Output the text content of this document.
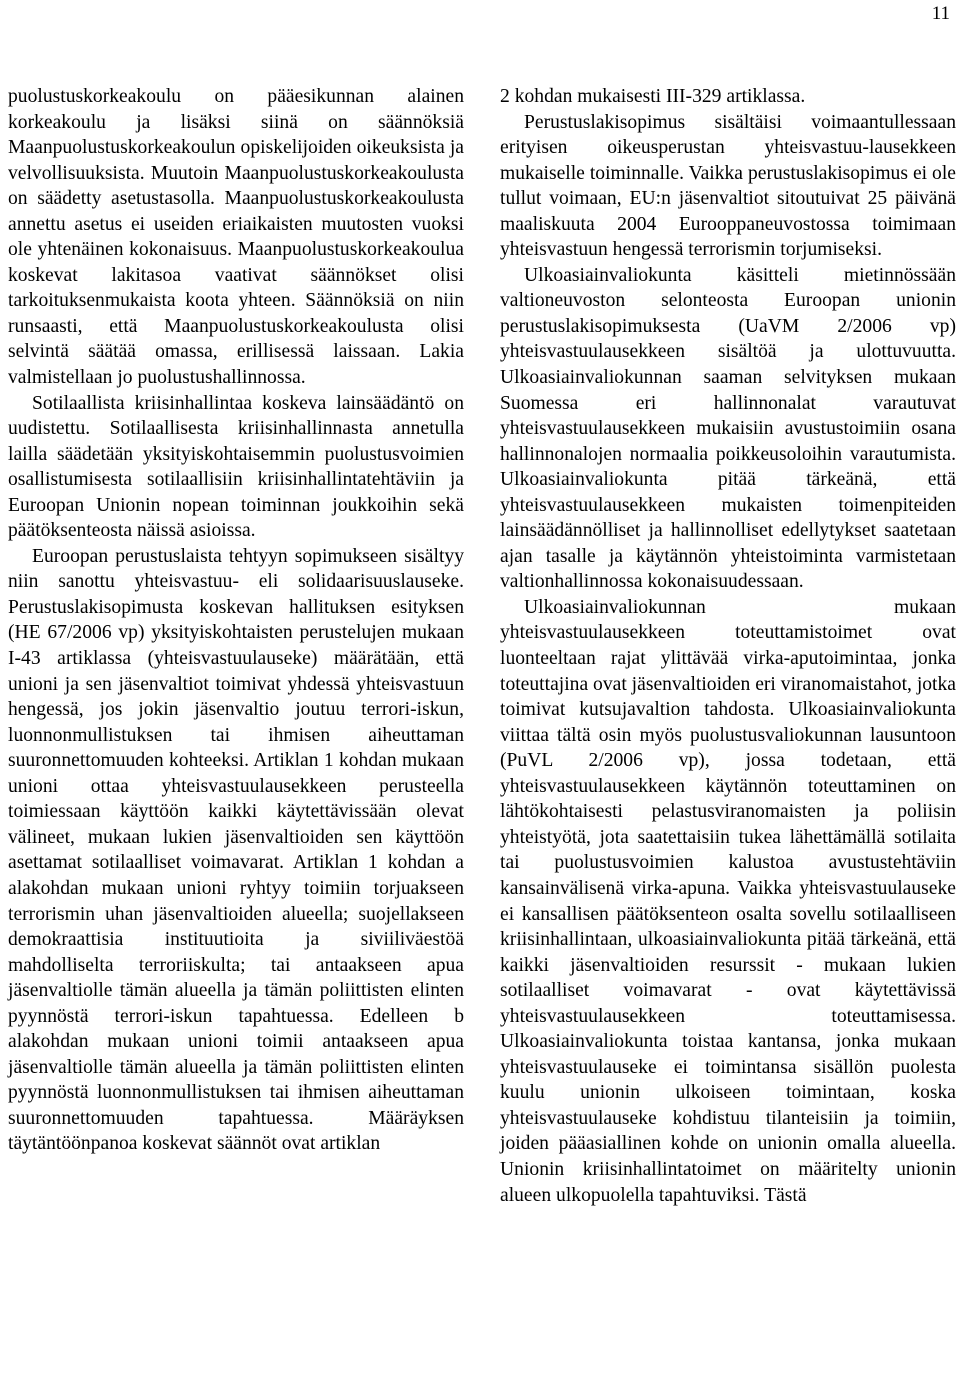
11

puolustuskorkeakoulu on pääesikunnan alainen korkeakoulu ja lisäksi siinä on säännöksiä Maanpuolustuskorkeakoulun opiskelijoiden oikeuksista ja velvollisuuksista. Muutoin Maanpuolustuskorkeakoulusta on säädetty asetustasolla. Maanpuolustuskorkeakoulusta annettu asetus ei useiden eriaikaisten muutosten vuoksi ole yhtenäinen kokonaisuus. Maanpuolustuskorkeakoulua koskevat lakitasoa vaativat säännökset olisi tarkoituksenmukaista koota yhteen. Säännöksiä on niin runsaasti, että Maanpuolustuskorkeakoulusta olisi selvintä säätää omassa, erillisessä laissaan. Lakia valmistellaan jo puolustushallinnossa.

Sotilaallista kriisinhallintaa koskeva lainsäädäntö on uudistettu. Sotilaallisesta kriisinhallinnasta annetulla lailla säädetään yksityiskohtaisemmin puolustusvoimien osallistumisesta sotilaallisiin kriisinhallintatehtäviin ja Euroopan Unionin nopean toiminnan joukkoihin sekä päätöksenteosta näissä asioissa.

Euroopan perustuslaista tehtyyn sopimukseen sisältyy niin sanottu yhteisvastuu- eli solidaarisuuslauseke. Perustuslakisopimusta koskevan hallituksen esityksen (HE 67/2006 vp) yksityiskohtaisten perustelujen mukaan I-43 artiklassa (yhteisvastuulauseke) määrätään, että unioni ja sen jäsenvaltiot toimivat yhdessä yhteisvastuun hengessä, jos jokin jäsenvaltio joutuu terrori-iskun, luonnonmullistuksen tai ihmisen aiheuttaman suuronnettomuuden kohteeksi. Artiklan 1 kohdan mukaan unioni ottaa yhteisvastuulausekkeen perusteella toimiessaan käyttöön kaikki käytettävissään olevat välineet, mukaan lukien jäsenvaltioiden sen käyttöön asettamat sotilaalliset voimavarat. Artiklan 1 kohdan a alakohdan mukaan unioni ryhtyy toimiin torjuakseen terrorismin uhan jäsenvaltioiden alueella; suojellakseen demokraattisia instituutioita ja siviiliväestöä mahdolliselta terroriiskulta; tai antaakseen apua jäsenvaltiolle tämän alueella ja tämän poliittisten elinten pyynnöstä terrori-iskun tapahtuessa. Edelleen b alakohdan mukaan unioni toimii antaakseen apua jäsenvaltiolle tämän alueella ja tämän poliittisten elinten pyynnöstä luonnonmullistuksen tai ihmisen aiheuttaman suuronnettomuuden tapahtuessa. Määräyksen täytäntöönpanoa koskevat säännöt ovat artiklan

2 kohdan mukaisesti III-329 artiklassa.

Perustuslakisopimus sisältäisi voimaantullessaan erityisen oikeusperustan yhteisvastuu-lausekkeen mukaiselle toiminnalle. Vaikka perustuslakisopimus ei ole tullut voimaan, EU:n jäsenvaltiot sitoutuivat 25 päivänä maaliskuuta 2004 Eurooppaneuvostossa toimimaan yhteisvastuun hengessä terrorismin torjumiseksi.

Ulkoasiainvaliokunta käsitteli mietinnössään valtioneuvoston selonteosta Euroopan unionin perustuslakisopimuksesta (UaVM 2/2006 vp) yhteisvastuulausekkeen sisältöä ja ulottuvuutta. Ulkoasiainvaliokunnan saaman selvityksen mukaan Suomessa eri hallinnonalat varautuvat yhteisvastuulausekkeen mukaisiin avustustoimiin osana hallinnonalojen normaalia poikkeusoloihin varautumista. Ulkoasiainvaliokunta pitää tärkeänä, että yhteisvastuulausekkeen mukaisten toimenpiteiden lainsäädännölliset ja hallinnolliset edellytykset saatetaan ajan tasalle ja käytännön yhteistoiminta varmistetaan valtionhallinnossa kokonaisuudessaan.

Ulkoasiainvaliokunnan mukaan yhteisvastuulausekkeen toteuttamistoimet ovat luonteeltaan rajat ylittävää virka-aputoimintaa, jonka toteuttajina ovat jäsenvaltioiden eri viranomaistahot, jotka toimivat kutsujavaltion tahdosta. Ulkoasiainvaliokunta viittaa tältä osin myös puolustusvaliokunnan lausuntoon (PuVL 2/2006 vp), jossa todetaan, että yhteisvastuulausekkeen käytännön toteuttaminen on lähtökohtaisesti pelastusviranomaisten ja poliisin yhteistyötä, jota saatettaisiin tukea lähettämällä sotilaita tai puolustusvoimien kalustoa avustustehtäviin kansainvälisenä virka-apuna. Vaikka yhteisvastuulauseke ei kansallisen päätöksenteon osalta sovellu sotilaalliseen kriisinhallintaan, ulkoasiainvaliokunta pitää tärkeänä, että kaikki jäsenvaltioiden resurssit - mukaan lukien sotilaalliset voimavarat - ovat käytettävissä yhteisvastuulausekkeen toteuttamisessa. Ulkoasiainvaliokunta toistaa kantansa, jonka mukaan yhteisvastuulauseke ei toimintansa sisällön puolesta kuulu unionin ulkoiseen toimintaan, koska yhteisvastuulauseke kohdistuu tilanteisiin ja toimiin, joiden pääasiallinen kohde on unionin omalla alueella. Unionin kriisinhallintatoimet on määritelty unionin alueen ulkopuolella tapahtuviksi. Tästä
